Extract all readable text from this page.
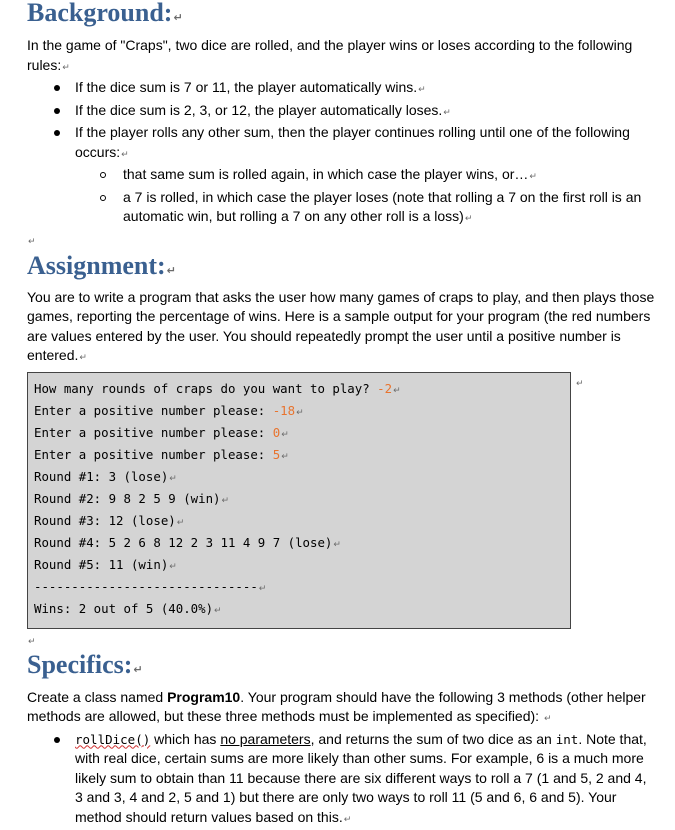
Background:↵

In the game of "Craps", two dice are rolled, and the player wins or loses according to the following rules:↵

If the dice sum is 7 or 11, the player automatically wins.↵
If the dice sum is 2, 3, or 12, the player automatically loses.↵
If the player rolls any other sum, then the player continues rolling until one of the following occurs:↵
that same sum is rolled again, in which case the player wins, or…↵
a 7 is rolled, in which case the player loses (note that rolling a 7 on the first roll is an automatic win, but rolling a 7 on any other roll is a loss)↵
↵
Assignment:↵

You are to write a program that asks the user how many games of craps to play, and then plays those games, reporting the percentage of wins. Here is a sample output for your program (the red numbers are values entered by the user. You should repeatedly prompt the user until a positive number is entered.↵

How many rounds of craps do you want to play? -2↵
Enter a positive number please: -18↵
Enter a positive number please: 0↵
Enter a positive number please: 5↵
Round #1: 3 (lose)↵
Round #2: 9 8 2 5 9 (win)↵
Round #3: 12 (lose)↵
Round #4: 5 2 6 8 12 2 3 11 4 9 7 (lose)↵
Round #5: 11 (win)↵
------------------------------↵
Wins: 2 out of 5 (40.0%)↵
↵
↵
Specifics:↵

Create a class named Program10. Your program should have the following 3 methods (other helper methods are allowed, but these three methods must be implemented as specified): ↵

rollDice() which has no parameters, and returns the sum of two dice as an int. Note that, with real dice, certain sums are more likely than other sums. For example, 6 is a much more likely sum to obtain than 11 because there are six different ways to roll a 7 (1 and 5, 2 and 4, 3 and 3, 4 and 2, 5 and 1) but there are only two ways to roll 11 (5 and 6, 6 and 5). Your method should return values based on this.↵
